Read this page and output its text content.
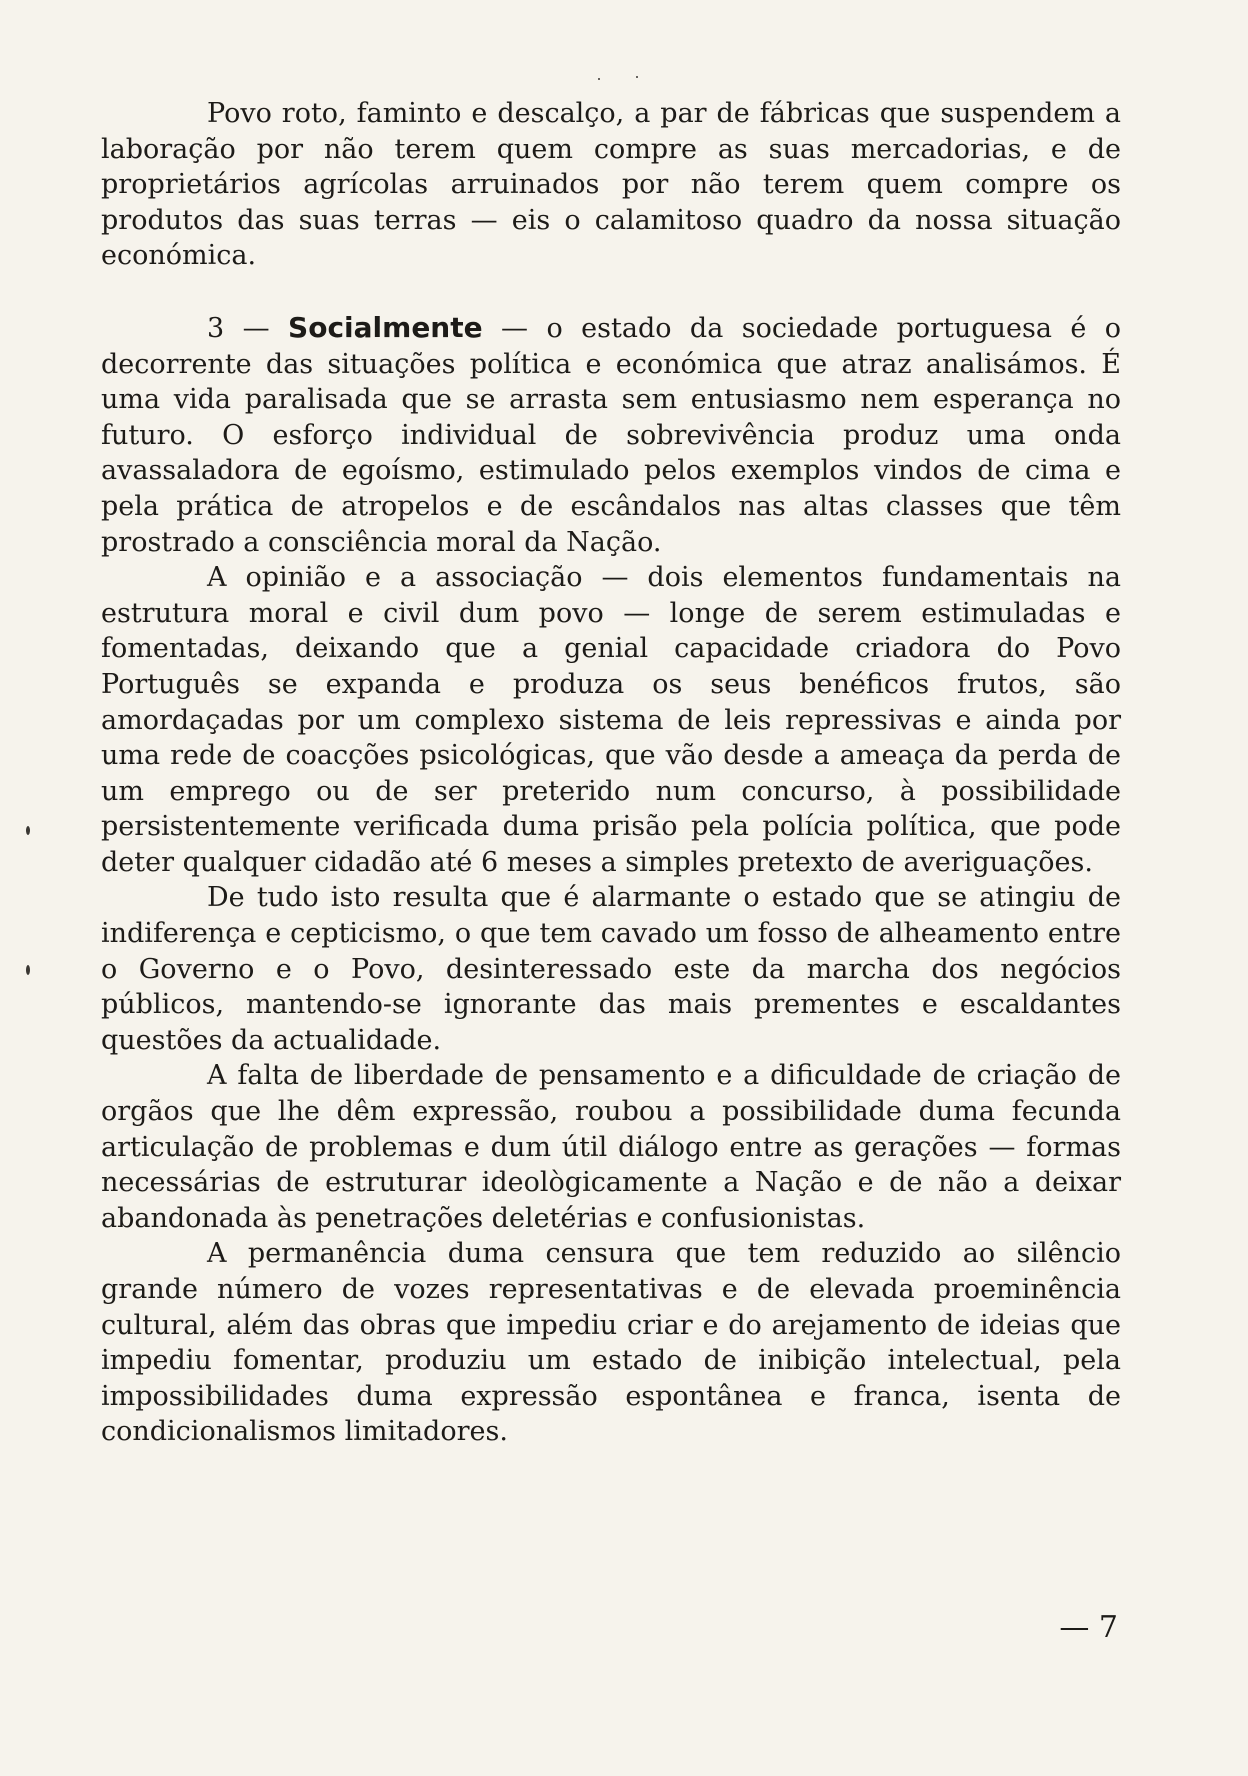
Povo roto, faminto e descalço, a par de fábricas que suspendem a laboração por não terem quem compre as suas mercadorias, e de proprietários agrícolas arruinados por não terem quem compre os produtos das suas terras — eis o calamitoso quadro da nossa situação económica.

3 — Socialmente — o estado da sociedade portuguesa é o decorrente das situações política e económica que atraz analisámos. É uma vida paralisada que se arrasta sem entusiasmo nem esperança no futuro. O esforço individual de sobrevivência produz uma onda avassaladora de egoísmo, estimulado pelos exemplos vindos de cima e pela prática de atropelos e de escândalos nas altas classes que têm prostrado a consciência moral da Nação.

A opinião e a associação — dois elementos fundamentais na estrutura moral e civil dum povo — longe de serem estimuladas e fomentadas, deixando que a genial capacidade criadora do Povo Português se expanda e produza os seus benéficos frutos, são amordaçadas por um complexo sistema de leis repressivas e ainda por uma rede de coacções psicológicas, que vão desde a ameaça da perda de um emprego ou de ser preterido num concurso, à possibilidade persistentemente verificada duma prisão pela polícia política, que pode deter qualquer cidadão até 6 meses a simples pretexto de averiguações.

De tudo isto resulta que é alarmante o estado que se atingiu de indiferença e cepticismo, o que tem cavado um fosso de alheamento entre o Governo e o Povo, desinteressado este da marcha dos negócios públicos, mantendo-se ignorante das mais prementes e escaldantes questões da actualidade.

A falta de liberdade de pensamento e a dificuldade de criação de orgãos que lhe dêm expressão, roubou a possibilidade duma fecunda articulação de problemas e dum útil diálogo entre as gerações — formas necessárias de estruturar ideològicamente a Nação e de não a deixar abandonada às penetrações deletérias e confusionistas.

A permanência duma censura que tem reduzido ao silêncio grande número de vozes representativas e de elevada proeminência cultural, além das obras que impediu criar e do arejamento de ideias que impediu fomentar, produziu um estado de inibição intelectual, pela impossibilidades duma expressão espontânea e franca, isenta de condicionalismos limitadores.

— 7
